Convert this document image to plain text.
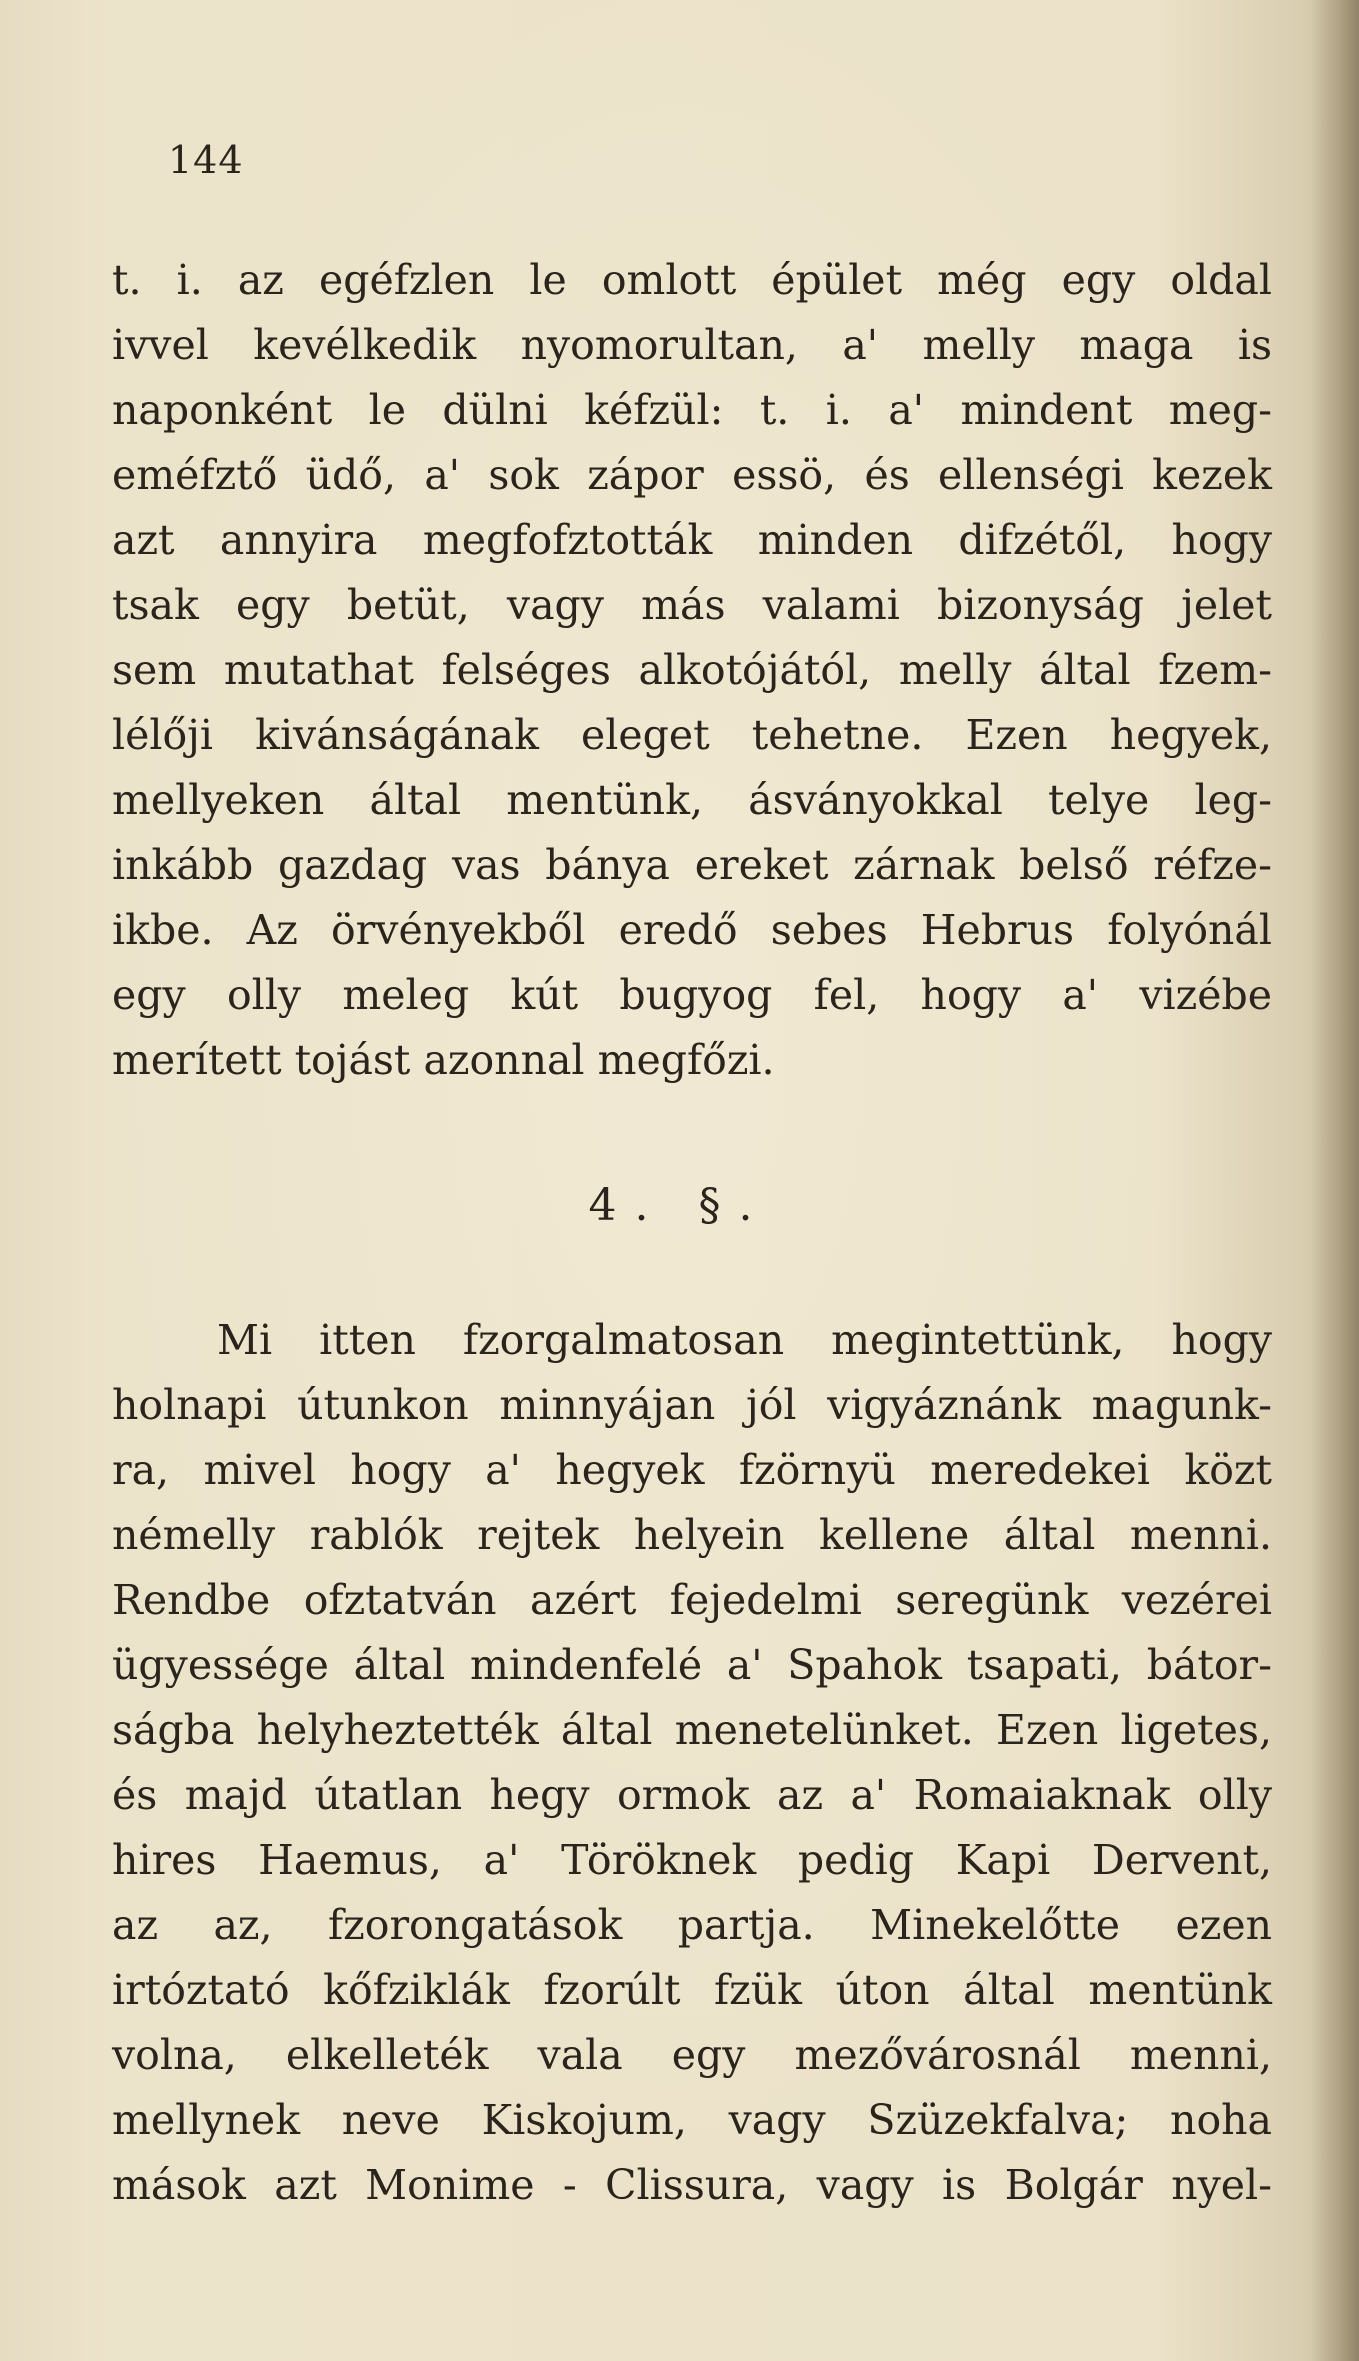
144
t. i. az egéfzlen le omlott épület még egy oldal
ivvel kevélkedik nyomorultan, a' melly maga is
naponként le dülni kéfzül: t. i. a' mindent meg-
eméfztő üdő, a' sok zápor essö, és ellenségi kezek
azt annyira megfofztották minden difzétől, hogy
tsak egy betüt, vagy más valami bizonyság jelet
sem mutathat felséges alkotójától, melly által fzem-
lélőji kivánságának eleget tehetne. Ezen hegyek,
mellyeken által mentünk, ásványokkal telye leg-
inkább gazdag vas bánya ereket zárnak belső réfze-
ikbe. Az örvényekből eredő sebes Hebrus folyónál
egy olly meleg kút bugyog fel, hogy a' vizébe
merített tojást azonnal megfőzi.
4. §.
Mi itten fzorgalmatosan megintettünk, hogy
holnapi útunkon minnyájan jól vigyáznánk magunk-
ra, mivel hogy a' hegyek fzörnyü meredekei közt
némelly rablók rejtek helyein kellene által menni.
Rendbe ofztatván azért fejedelmi seregünk vezérei
ügyessége által mindenfelé a' Spahok tsapati, bátor-
ságba helyheztették által menetelünket. Ezen ligetes,
és majd útatlan hegy ormok az a' Romaiaknak olly
hires Haemus, a' Töröknek pedig Kapi Dervent,
az az, fzorongatások partja. Minekelőtte ezen
irtóztató kőfziklák fzorúlt fzük úton által mentünk
volna, elkelleték vala egy mezővárosnál menni,
mellynek neve Kiskojum, vagy Szüzekfalva; noha
mások azt Monime - Clissura, vagy is Bolgár nyel-
